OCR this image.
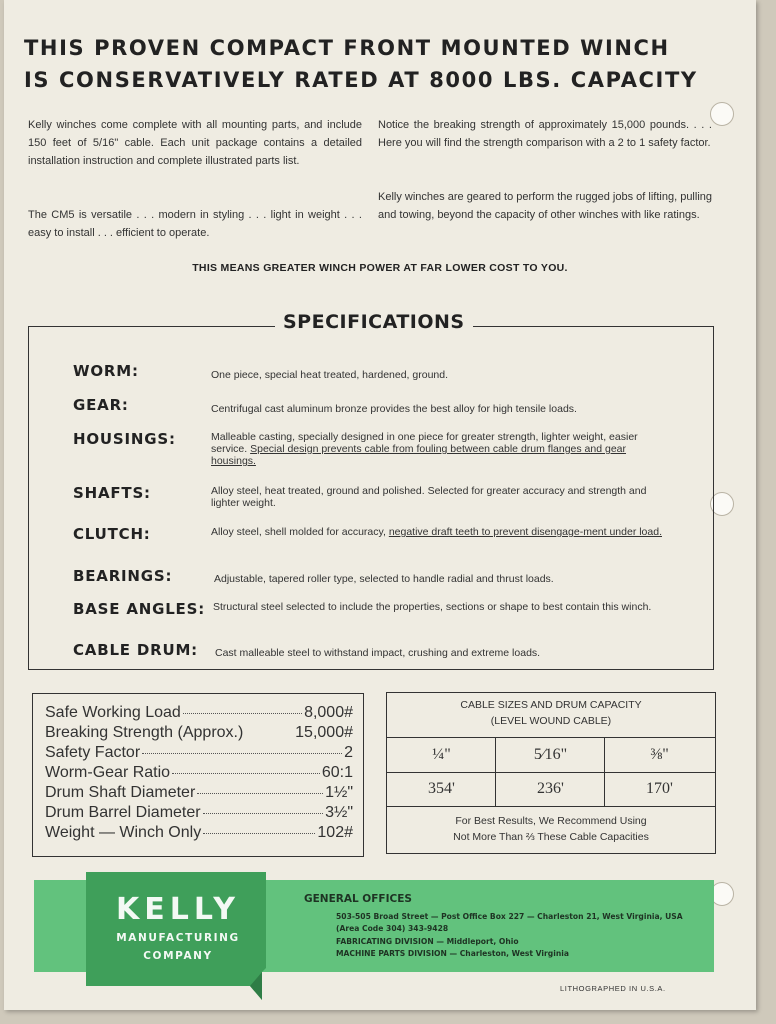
THIS PROVEN COMPACT FRONT MOUNTED WINCH
IS CONSERVATIVELY RATED AT 8000 LBS. CAPACITY
Kelly winches come complete with all mounting parts, and include 150 feet of 5/16" cable. Each unit package contains a detailed installation instruction and complete illustrated parts list.
The CM5 is versatile . . . modern in styling . . . light in weight . . . easy to install . . . efficient to operate.
Notice the breaking strength of approximately 15,000 pounds. . . . Here you will find the strength comparison with a 2 to 1 safety factor.
Kelly winches are geared to perform the rugged jobs of lifting, pulling and towing, beyond the capacity of other winches with like ratings.
THIS MEANS GREATER WINCH POWER AT FAR LOWER COST TO YOU.
SPECIFICATIONS
WORM:	One piece, special heat treated, hardened, ground.
GEAR:	Centrifugal cast aluminum bronze provides the best alloy for high tensile loads.
HOUSINGS:	Malleable casting, specially designed in one piece for greater strength, lighter weight, easier service. Special design prevents cable from fouling between cable drum flanges and gear housings.
SHAFTS:	Alloy steel, heat treated, ground and polished. Selected for greater accuracy and strength and lighter weight.
CLUTCH:	Alloy steel, shell molded for accuracy, negative draft teeth to prevent disengage-ment under load.
BEARINGS:	Adjustable, tapered roller type, selected to handle radial and thrust loads.
BASE ANGLES: Structural steel selected to include the properties, sections or shape to best contain this winch.
CABLE DRUM: Cast malleable steel to withstand impact, crushing and extreme loads.
Safe Working Load	8,000#
Breaking Strength (Approx.)	15,000#
Safety Factor	2
Worm-Gear Ratio	60:1
Drum Shaft Diameter	1½"
Drum Barrel Diameter	3½"
Weight — Winch Only	102#
CABLE SIZES AND DRUM CAPACITY
(LEVEL WOUND CABLE)
¼"	5⁄16"	⅜"
354'	236'	170'
For Best Results, We Recommend Using
Not More Than ⅔ These Cable Capacities
KELLY
MANUFACTURING
COMPANY
GENERAL OFFICES
503-505 Broad Street — Post Office Box 227 — Charleston 21, West Virginia, USA
(Area Code 304) 343-9428
FABRICATING DIVISION — Middleport, Ohio
MACHINE PARTS DIVISION — Charleston, West Virginia
LITHOGRAPHED IN U.S.A.
